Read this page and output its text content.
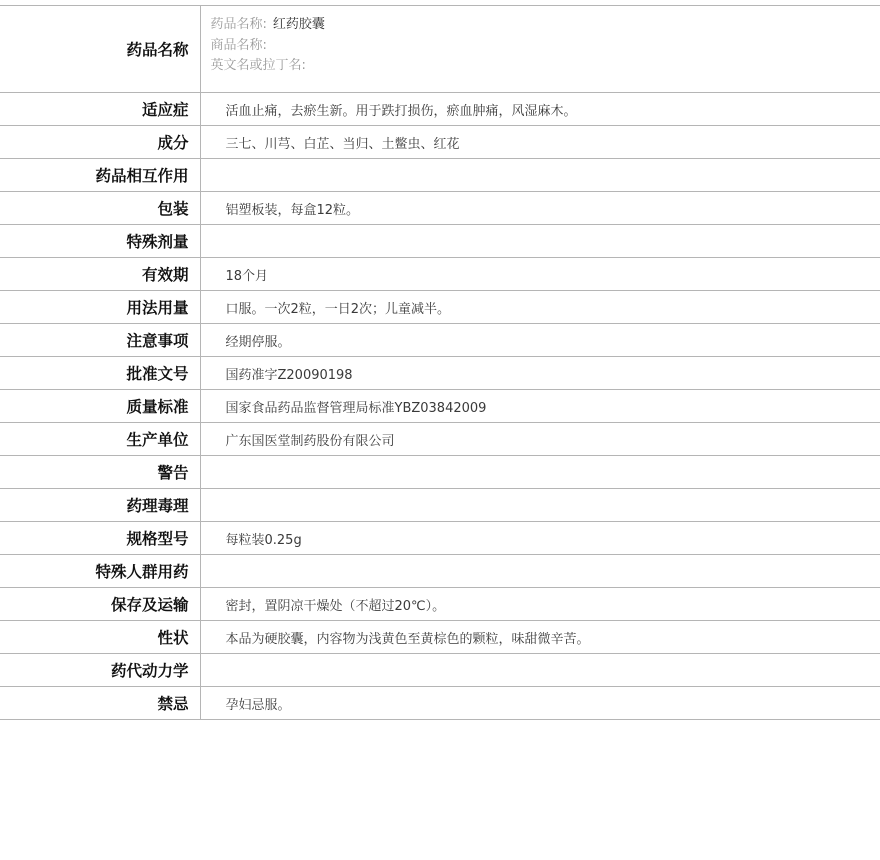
药品名称	药品名称: 红药胶囊
商品名称:
英文名或拉丁名:

适应症	活血止痛，去瘀生新。用于跌打损伤，瘀血肿痛，风湿麻木。
成分	三七、川芎、白芷、当归、土鳖虫、红花
药品相互作用	
包装	铝塑板装，每盒12粒。
特殊剂量	
有效期	18个月
用法用量	口服。一次2粒，一日2次；儿童减半。
注意事项	经期停服。
批准文号	国药准字Z20090198
质量标准	国家食品药品监督管理局标准YBZ03842009
生产单位	广东国医堂制药股份有限公司
警告	
药理毒理	
规格型号	每粒装0.25g
特殊人群用药	
保存及运输	密封，置阴凉干燥处（不超过20℃）。
性状	本品为硬胶囊，内容物为浅黄色至黄棕色的颗粒，味甜微辛苦。
药代动力学	
禁忌	孕妇忌服。
